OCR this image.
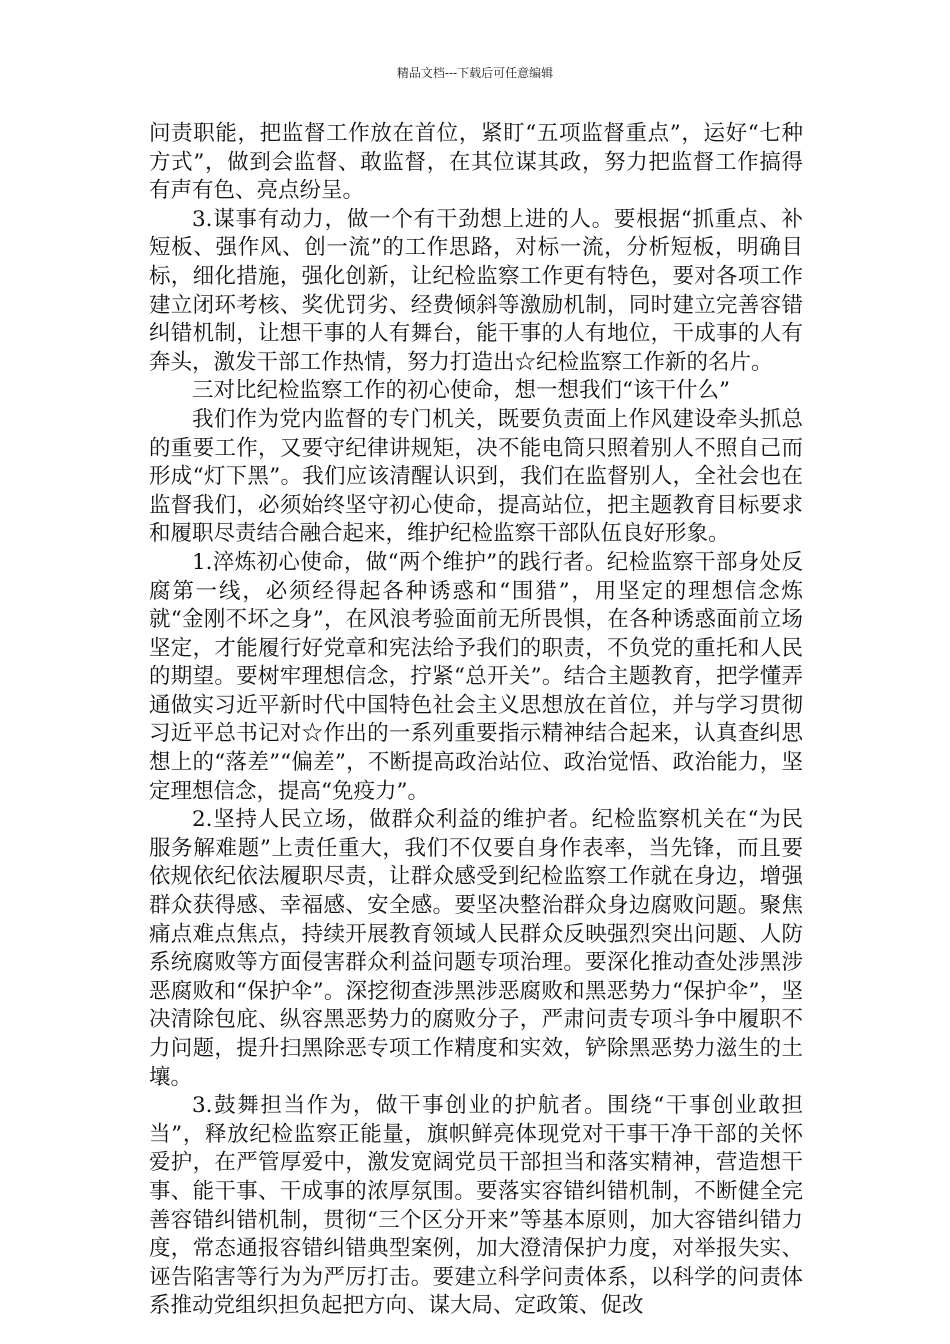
精品文档---下载后可任意编辑

问责职能，把监督工作放在首位，紧盯“五项监督重点”，运好“七种方式”，做到会监督、敢监督，在其位谋其政，努力把监督工作搞得有声有色、亮点纷呈。

3.谋事有动力，做一个有干劲想上进的人。要根据“抓重点、补短板、强作风、创一流”的工作思路，对标一流，分析短板，明确目标，细化措施，强化创新，让纪检监察工作更有特色，要对各项工作建立闭环考核、奖优罚劣、经费倾斜等激励机制，同时建立完善容错纠错机制，让想干事的人有舞台，能干事的人有地位，干成事的人有奔头，激发干部工作热情，努力打造出☆纪检监察工作新的名片。

三对比纪检监察工作的初心使命，想一想我们“该干什么”

我们作为党内监督的专门机关，既要负责面上作风建设牵头抓总的重要工作，又要守纪律讲规矩，决不能电筒只照着别人不照自己而形成“灯下黑”。我们应该清醒认识到，我们在监督别人，全社会也在监督我们，必须始终坚守初心使命，提高站位，把主题教育目标要求和履职尽责结合融合起来，维护纪检监察干部队伍良好形象。

1.淬炼初心使命，做“两个维护”的践行者。纪检监察干部身处反腐第一线，必须经得起各种诱惑和“围猎”，用坚定的理想信念炼就“金刚不坏之身”，在风浪考验面前无所畏惧，在各种诱惑面前立场坚定，才能履行好党章和宪法给予我们的职责，不负党的重托和人民的期望。要树牢理想信念，拧紧“总开关”。结合主题教育，把学懂弄通做实习近平新时代中国特色社会主义思想放在首位，并与学习贯彻习近平总书记对☆作出的一系列重要指示精神结合起来，认真查纠思想上的“落差”“偏差”，不断提高政治站位、政治觉悟、政治能力，坚定理想信念，提高“免疫力”。

2.坚持人民立场，做群众利益的维护者。纪检监察机关在“为民服务解难题”上责任重大，我们不仅要自身作表率，当先锋，而且要依规依纪依法履职尽责，让群众感受到纪检监察工作就在身边，增强群众获得感、幸福感、安全感。要坚决整治群众身边腐败问题。聚焦痛点难点焦点，持续开展教育领域人民群众反映强烈突出问题、人防系统腐败等方面侵害群众利益问题专项治理。要深化推动查处涉黑涉恶腐败和“保护伞”。深挖彻查涉黑涉恶腐败和黑恶势力“保护伞”，坚决清除包庇、纵容黑恶势力的腐败分子，严肃问责专项斗争中履职不力问题，提升扫黑除恶专项工作精度和实效，铲除黑恶势力滋生的土壤。

3.鼓舞担当作为，做干事创业的护航者。围绕“干事创业敢担当”，释放纪检监察正能量，旗帜鲜亮体现党对干事干净干部的关怀爱护，在严管厚爱中，激发宽阔党员干部担当和落实精神，营造想干事、能干事、干成事的浓厚氛围。要落实容错纠错机制，不断健全完善容错纠错机制，贯彻“三个区分开来”等基本原则，加大容错纠错力度，常态通报容错纠错典型案例，加大澄清保护力度，对举报失实、诬告陷害等行为为严厉打击。要建立科学问责体系，以科学的问责体系推动党组织担负起把方向、谋大局、定政策、促改
